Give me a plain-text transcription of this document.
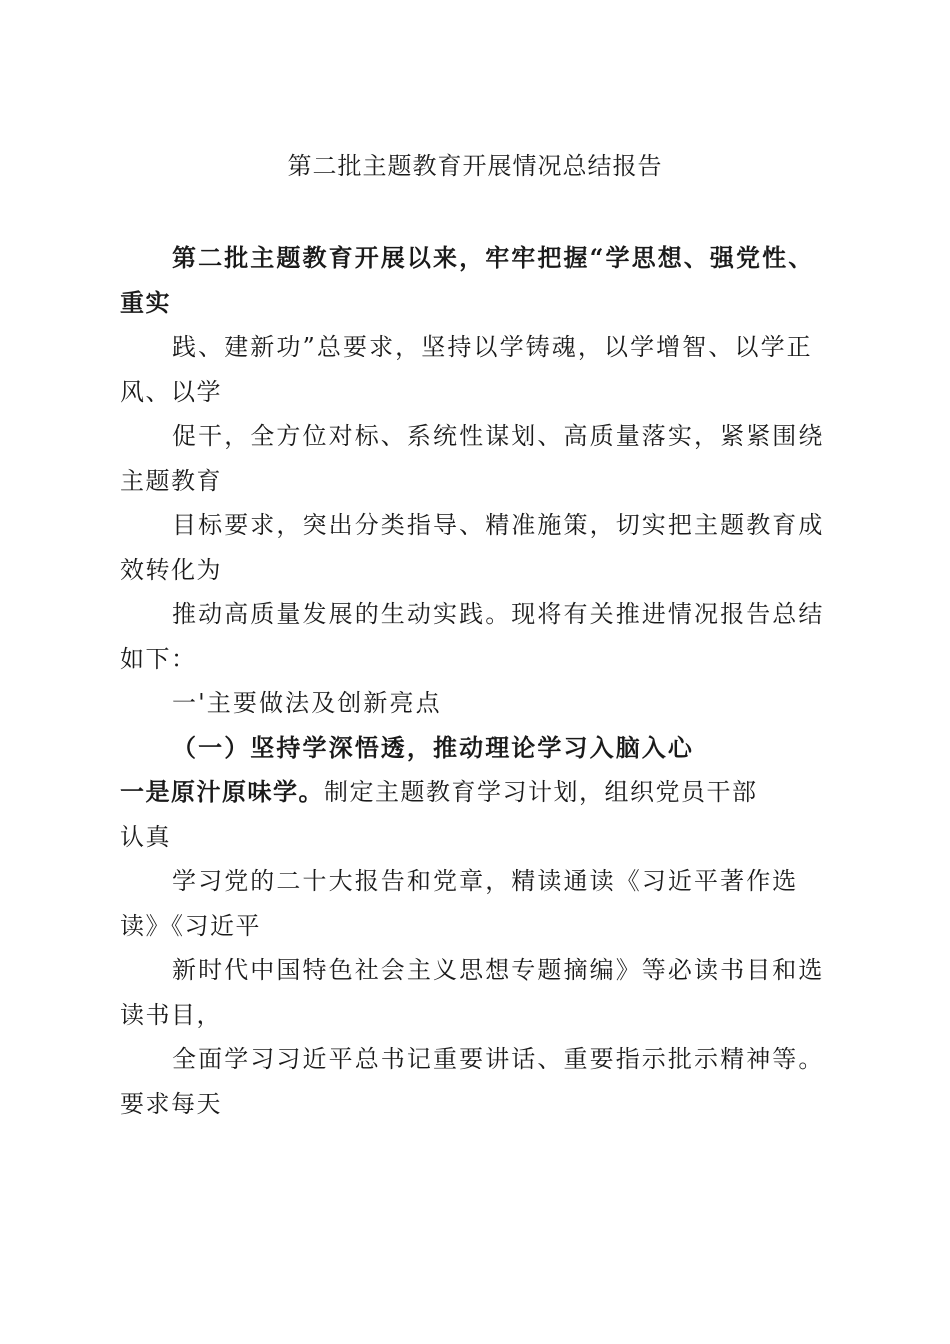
第二批主题教育开展情况总结报告
第二批主题教育开展以来，牢牢把握“学思想、强党性、
重实
践、建新功”总要求，坚持以学铸魂，以学增智、以学正
风、以学
促干，全方位对标、系统性谋划、高质量落实，紧紧围绕
主题教育
目标要求，突出分类指导、精准施策，切实把主题教育成
效转化为
推动高质量发展的生动实践。现将有关推进情况报告总结
如下：
一'主要做法及创新亮点
（一）坚持学深悟透，推动理论学习入脑入心
一是原汁原味学。制定主题教育学习计划，组织党员干部
认真
学习党的二十大报告和党章，精读通读《习近平著作选
读》《习近平
新时代中国特色社会主义思想专题摘编》等必读书目和选
读书目，
全面学习习近平总书记重要讲话、重要指示批示精神等。
要求每天
